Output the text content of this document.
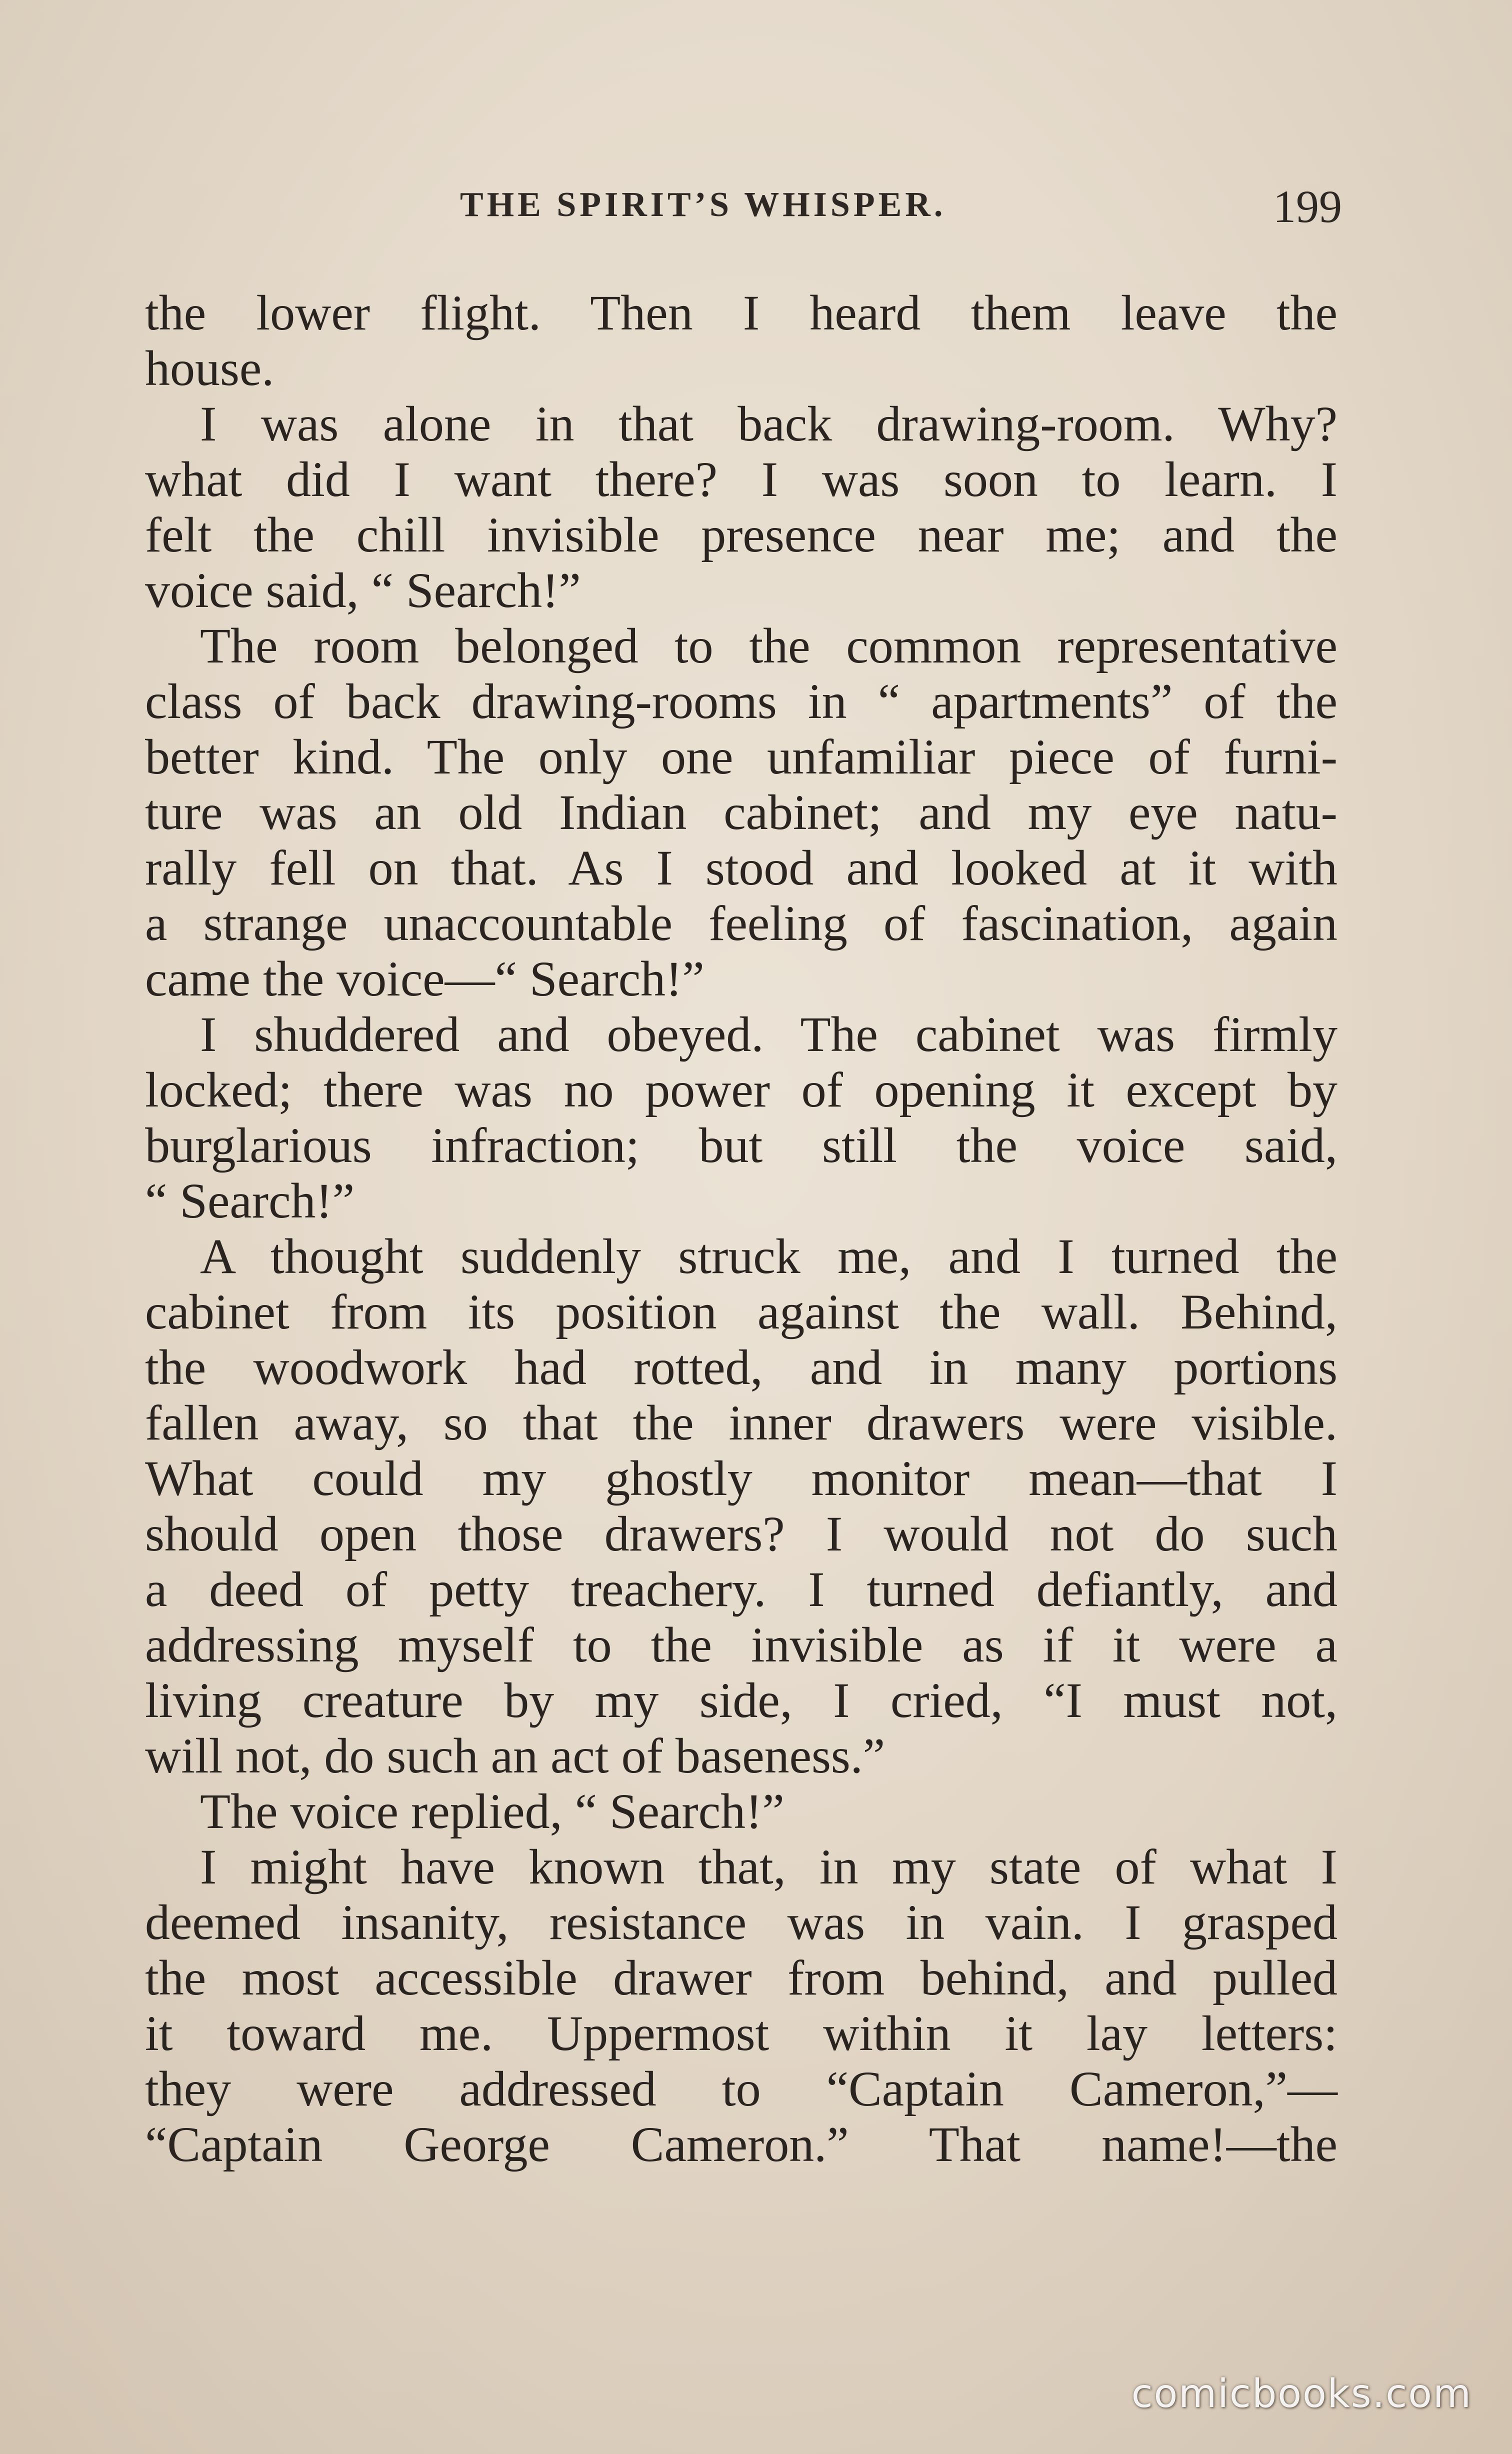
THE SPIRIT’S WHISPER.	199
the lower flight. Then I heard them leave the
house.
I was alone in that back drawing-room. Why?
what did I want there? I was soon to learn. I
felt the chill invisible presence near me; and the
voice said, “ Search!”
The room belonged to the common representative
class of back drawing-rooms in “ apartments” of the
better kind. The only one unfamiliar piece of furni-
ture was an old Indian cabinet; and my eye natu-
rally fell on that. As I stood and looked at it with
a strange unaccountable feeling of fascination, again
came the voice—“ Search!”
I shuddered and obeyed. The cabinet was firmly
locked; there was no power of opening it except by
burglarious infraction; but still the voice said,
“ Search!”
A thought suddenly struck me, and I turned the
cabinet from its position against the wall. Behind,
the woodwork had rotted, and in many portions
fallen away, so that the inner drawers were visible.
What could my ghostly monitor mean—that I
should open those drawers? I would not do such
a deed of petty treachery. I turned defiantly, and
addressing myself to the invisible as if it were a
living creature by my side, I cried, “I must not,
will not, do such an act of baseness.”
The voice replied, “ Search!”
I might have known that, in my state of what I
deemed insanity, resistance was in vain. I grasped
the most accessible drawer from behind, and pulled
it toward me. Uppermost within it lay letters:
they were addressed to “Captain Cameron,”—
“Captain George Cameron.” That name!—the
comicbooks.com
